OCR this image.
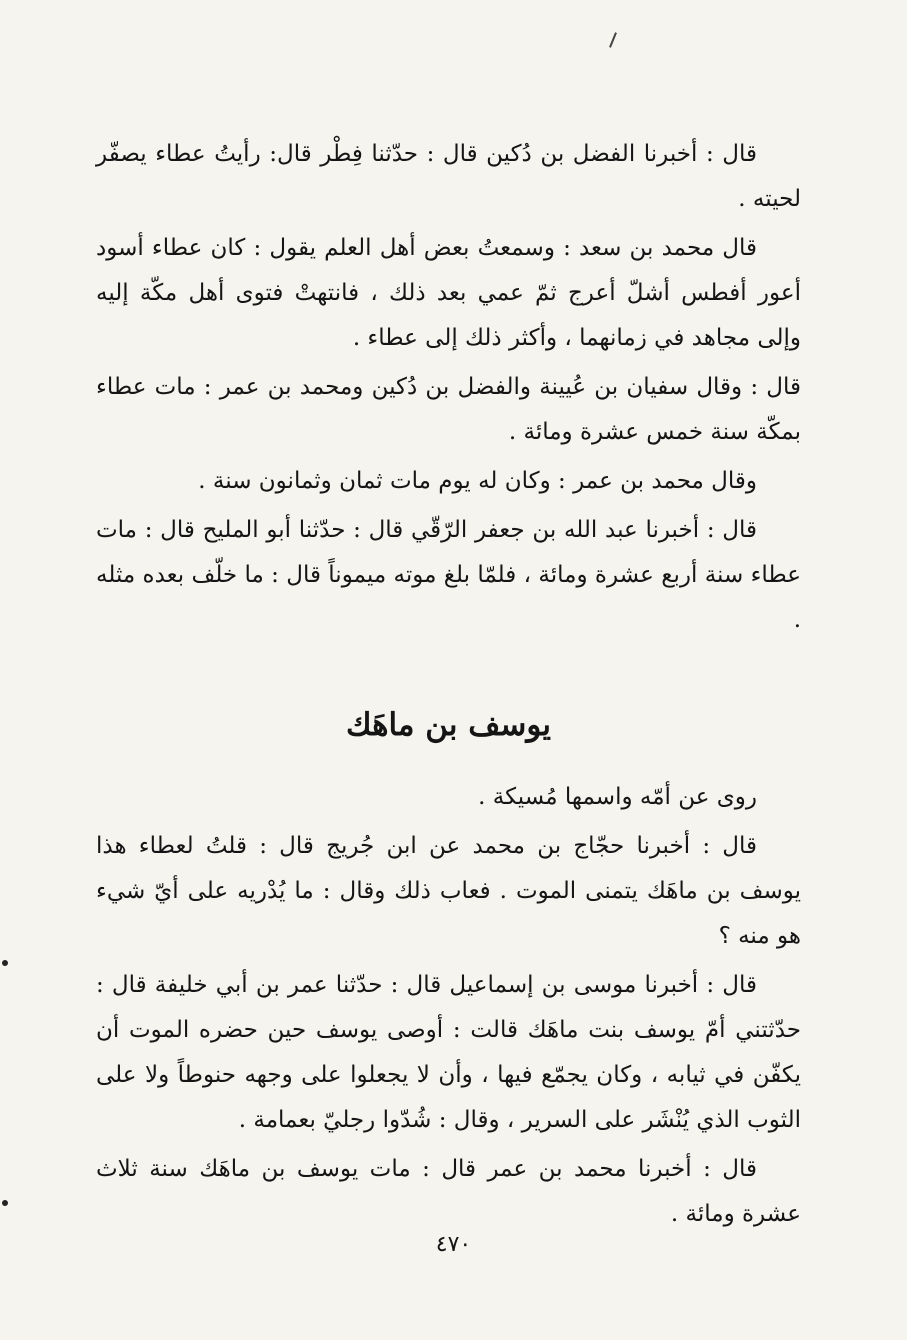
قال : أخبرنا الفضل بن دُكين قال : حدّثنا فِطْر قال: رأيتُ عطاء يصفّر لحيته .

قال محمد بن سعد : وسمعتُ بعض أهل العلم يقول : كان عطاء أسود أعور أفطس أشلّ أعرج ثمّ عمي بعد ذلك ، فانتهتْ فتوى أهل مكّة إليه وإلى مجاهد في زمانهما ، وأكثر ذلك إلى عطاء .

قال : وقال سفيان بن عُيينة والفضل بن دُكين ومحمد بن عمر : مات عطاء بمكّة سنة خمس عشرة ومائة .

وقال محمد بن عمر : وكان له يوم مات ثمان وثمانون سنة .

قال : أخبرنا عبد الله بن جعفر الرّقّي قال : حدّثنا أبو المليح قال : مات عطاء سنة أربع عشرة ومائة ، فلمّا بلغ موته ميموناً قال : ما خلّف بعده مثله .

يوسف بن ماهَك

روى عن أمّه واسمها مُسيكة .

قال : أخبرنا حجّاج بن محمد عن ابن جُريج قال : قلتُ لعطاء هذا يوسف بن ماهَك يتمنى الموت . فعاب ذلك وقال : ما يُدْريه على أيّ شيء هو منه ؟

قال : أخبرنا موسى بن إسماعيل قال : حدّثنا عمر بن أبي خليفة قال : حدّثتني أمّ يوسف بنت ماهَك قالت : أوصى يوسف حين حضره الموت أن يكفّن في ثيابه ، وكان يجمّع فيها ، وأن لا يجعلوا على وجهه حنوطاً ولا على الثوب الذي يُنْشَر على السرير ، وقال : شُدّوا رجليّ بعمامة .

قال : أخبرنا محمد بن عمر قال : مات يوسف بن ماهَك سنة ثلاث عشرة ومائة .

٤٧٠
